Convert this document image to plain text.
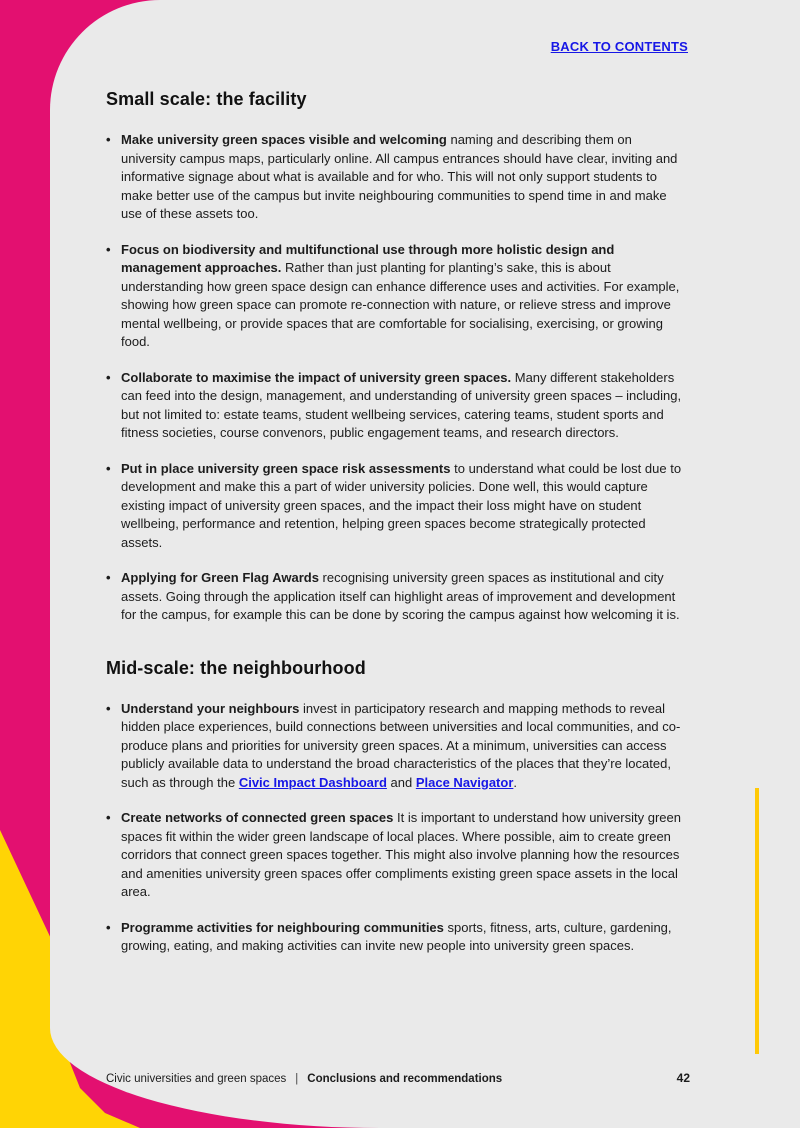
BACK TO CONTENTS
Small scale: the facility
• Make university green spaces visible and welcoming naming and describing them on university campus maps, particularly online. All campus entrances should have clear, inviting and informative signage about what is available and for who. This will not only support students to make better use of the campus but invite neighbouring communities to spend time in and make use of these assets too.
• Focus on biodiversity and multifunctional use through more holistic design and management approaches. Rather than just planting for planting’s sake, this is about understanding how green space design can enhance difference uses and activities. For example, showing how green space can promote re-connection with nature, or relieve stress and improve mental wellbeing, or provide spaces that are comfortable for socialising, exercising, or growing food.
• Collaborate to maximise the impact of university green spaces. Many different stakeholders can feed into the design, management, and understanding of university green spaces – including, but not limited to: estate teams, student wellbeing services, catering teams, student sports and fitness societies, course convenors, public engagement teams, and research directors.
• Put in place university green space risk assessments to understand what could be lost due to development and make this a part of wider university policies. Done well, this would capture existing impact of university green spaces, and the impact their loss might have on student wellbeing, performance and retention, helping green spaces become strategically protected assets.
• Applying for Green Flag Awards recognising university green spaces as institutional and city assets. Going through the application itself can highlight areas of improvement and development for the campus, for example this can be done by scoring the campus against how welcoming it is.
Mid-scale: the neighbourhood
• Understand your neighbours invest in participatory research and mapping methods to reveal hidden place experiences, build connections between universities and local communities, and co-produce plans and priorities for university green spaces. At a minimum, universities can access publicly available data to understand the broad characteristics of the places that they’re located, such as through the Civic Impact Dashboard and Place Navigator.
• Create networks of connected green spaces It is important to understand how university green spaces fit within the wider green landscape of local places. Where possible, aim to create green corridors that connect green spaces together. This might also involve planning how the resources and amenities university green spaces offer compliments existing green space assets in the local area.
• Programme activities for neighbouring communities sports, fitness, arts, culture, gardening, growing, eating, and making activities can invite new people into university green spaces.
Civic universities and green spaces | Conclusions and recommendations	42
